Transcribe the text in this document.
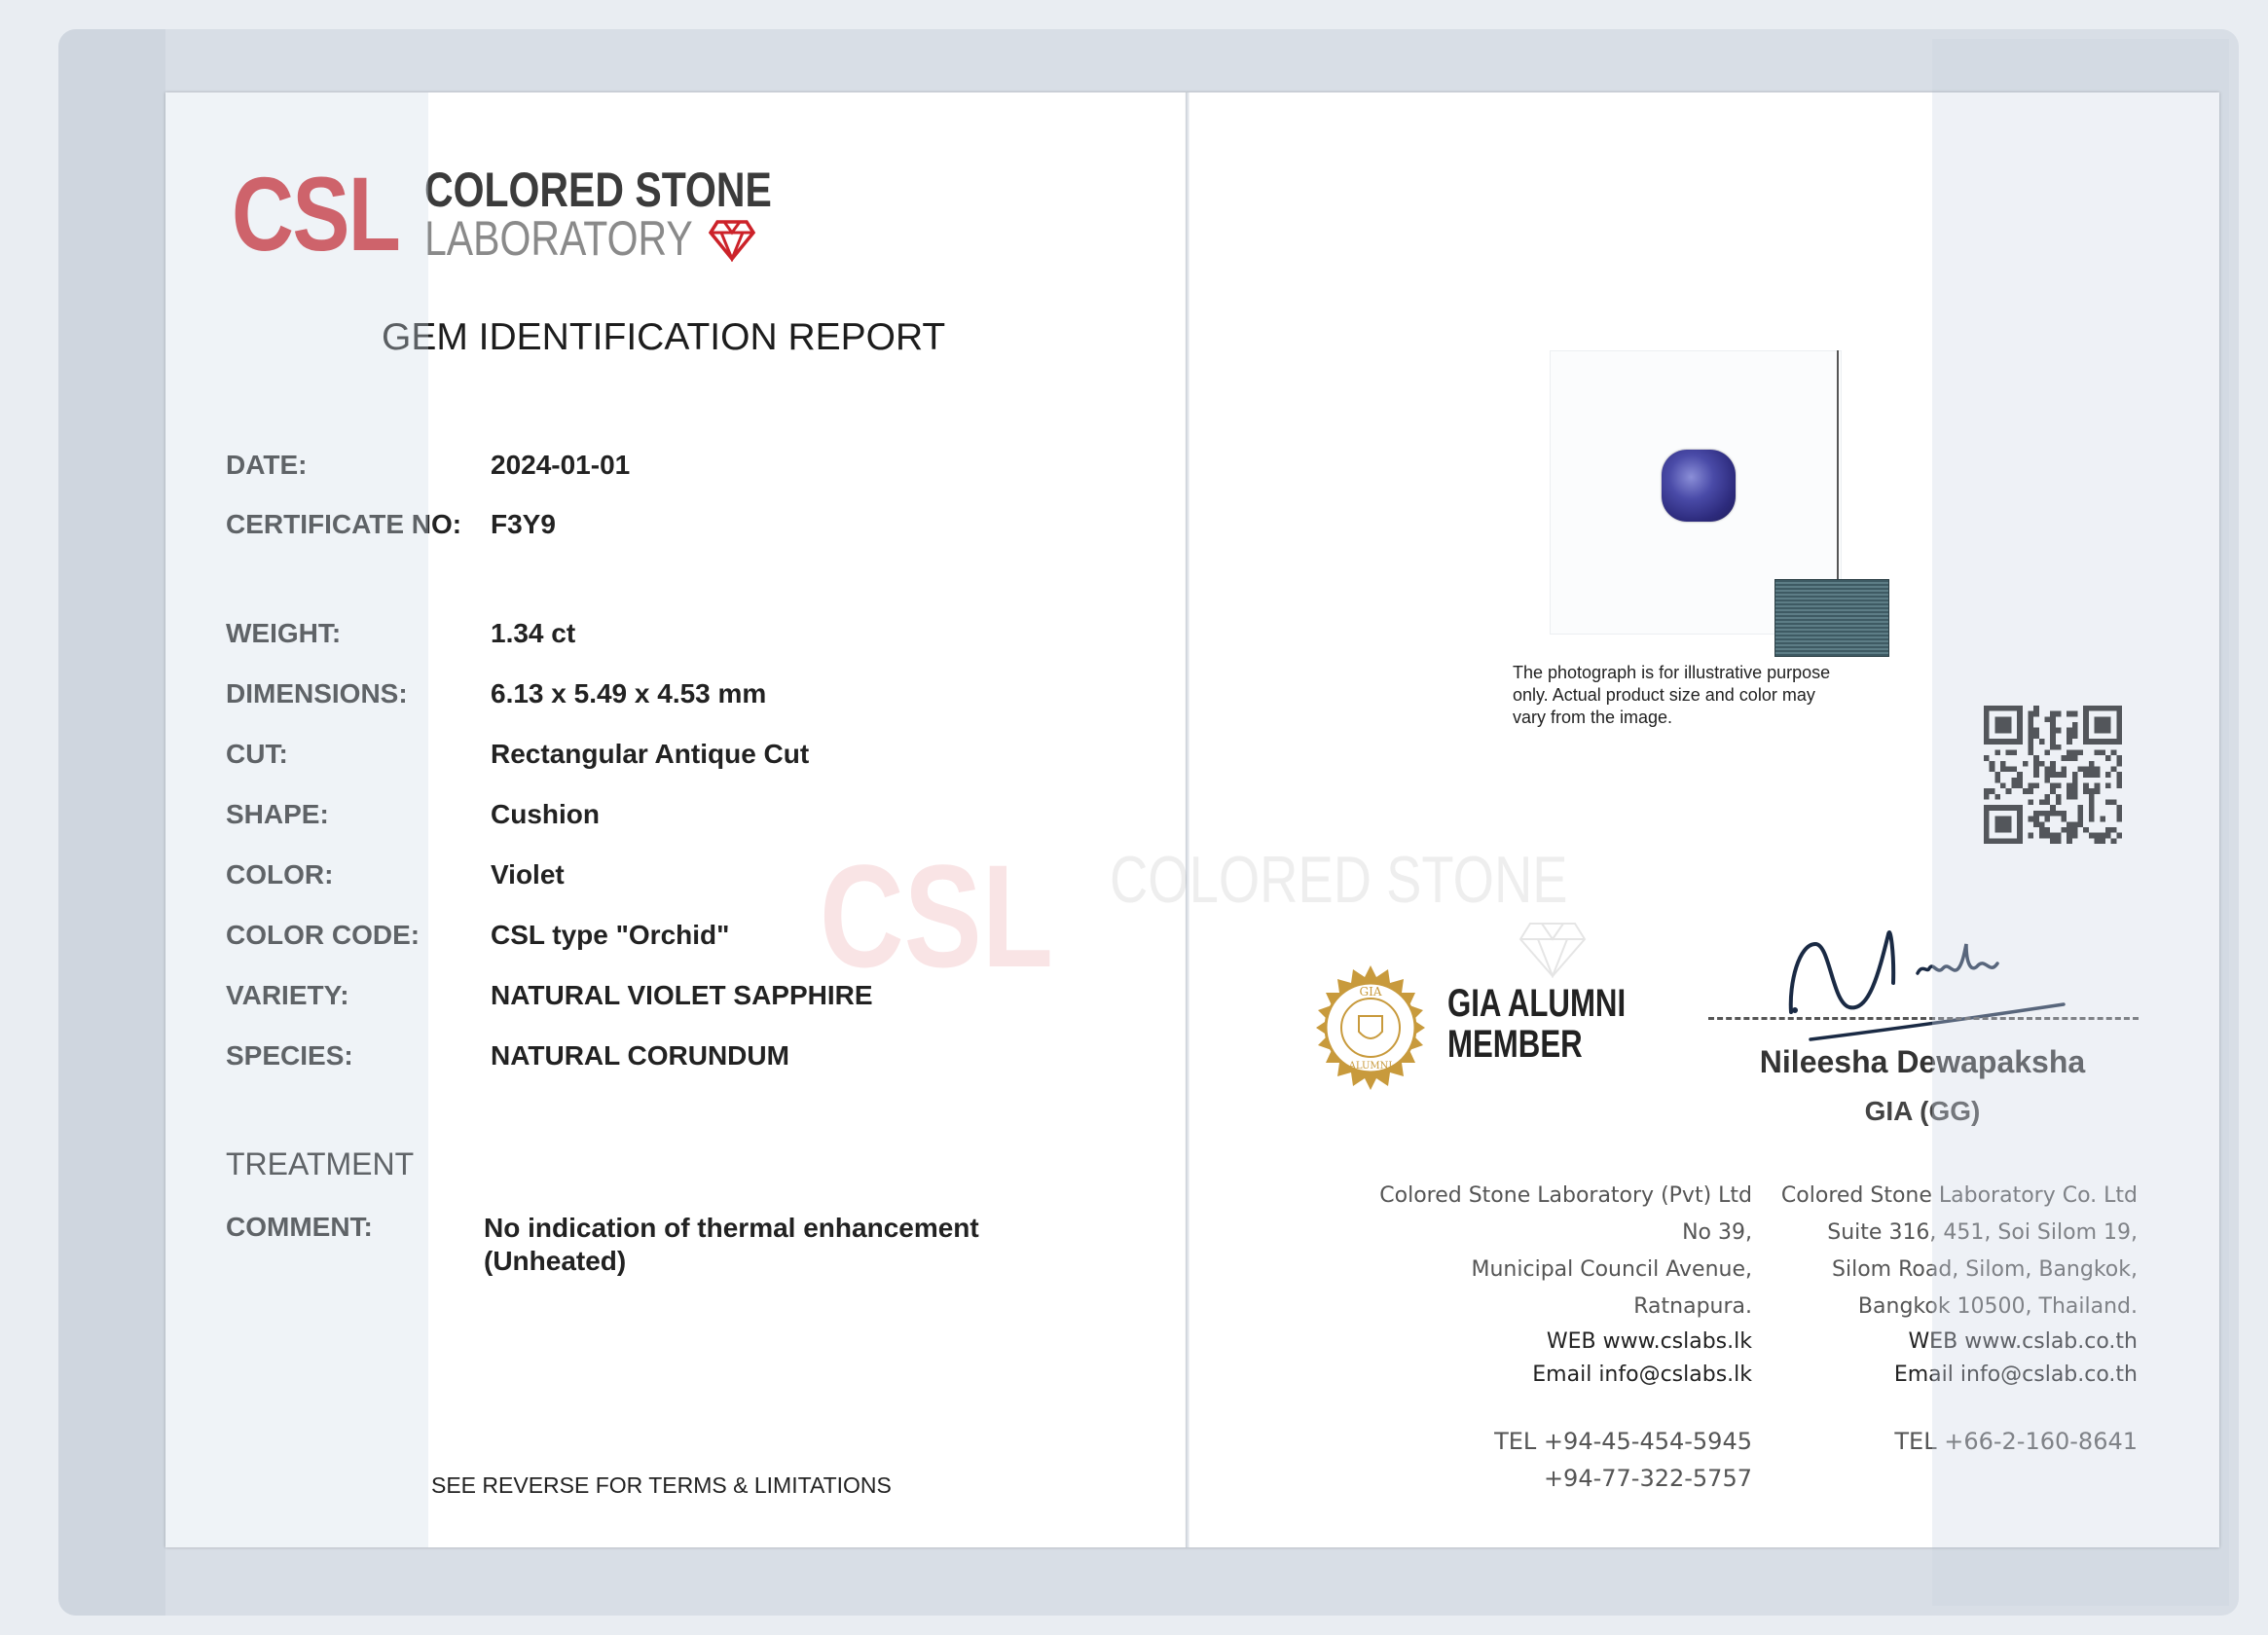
CSL COLORED STONE
CSL COLORED STONE
LABORATORY
GEM IDENTIFICATION REPORT
DATE:	2024-01-01
CERTIFICATE NO: F3Y9
WEIGHT:	1.34 ct
DIMENSIONS:	6.13 x 5.49 x 4.53 mm
CUT:	Rectangular Antique Cut
SHAPE:	Cushion
COLOR:	Violet
COLOR CODE:	CSL type "Orchid"
VARIETY:	NATURAL VIOLET SAPPHIRE
SPECIES:	NATURAL CORUNDUM
TREATMENT
COMMENT:	No indication of thermal enhancement
(Unheated)
SEE REVERSE FOR TERMS & LIMITATIONS
The photograph is for illustrative purpose
only. Actual product size and color may
vary from the image.
GIA
ALUMNI
GIA ALUMNI
MEMBER	Nileesha Dewapaksha
GIA (GG)
Colored Stone Laboratory (Pvt) Ltd
No 39,
Municipal Council Avenue,
Ratnapura.
WEB www.cslabs.lk
Email info@cslabs.lk
TEL +94-45-454-5945
+94-77-322-5757
Colored Stone Laboratory Co. Ltd
Suite 316, 451, Soi Silom 19,
Silom Road, Silom, Bangkok,
Bangkok 10500, Thailand.
WEB www.cslab.co.th
Email info@cslab.co.th
TEL +66-2-160-8641
